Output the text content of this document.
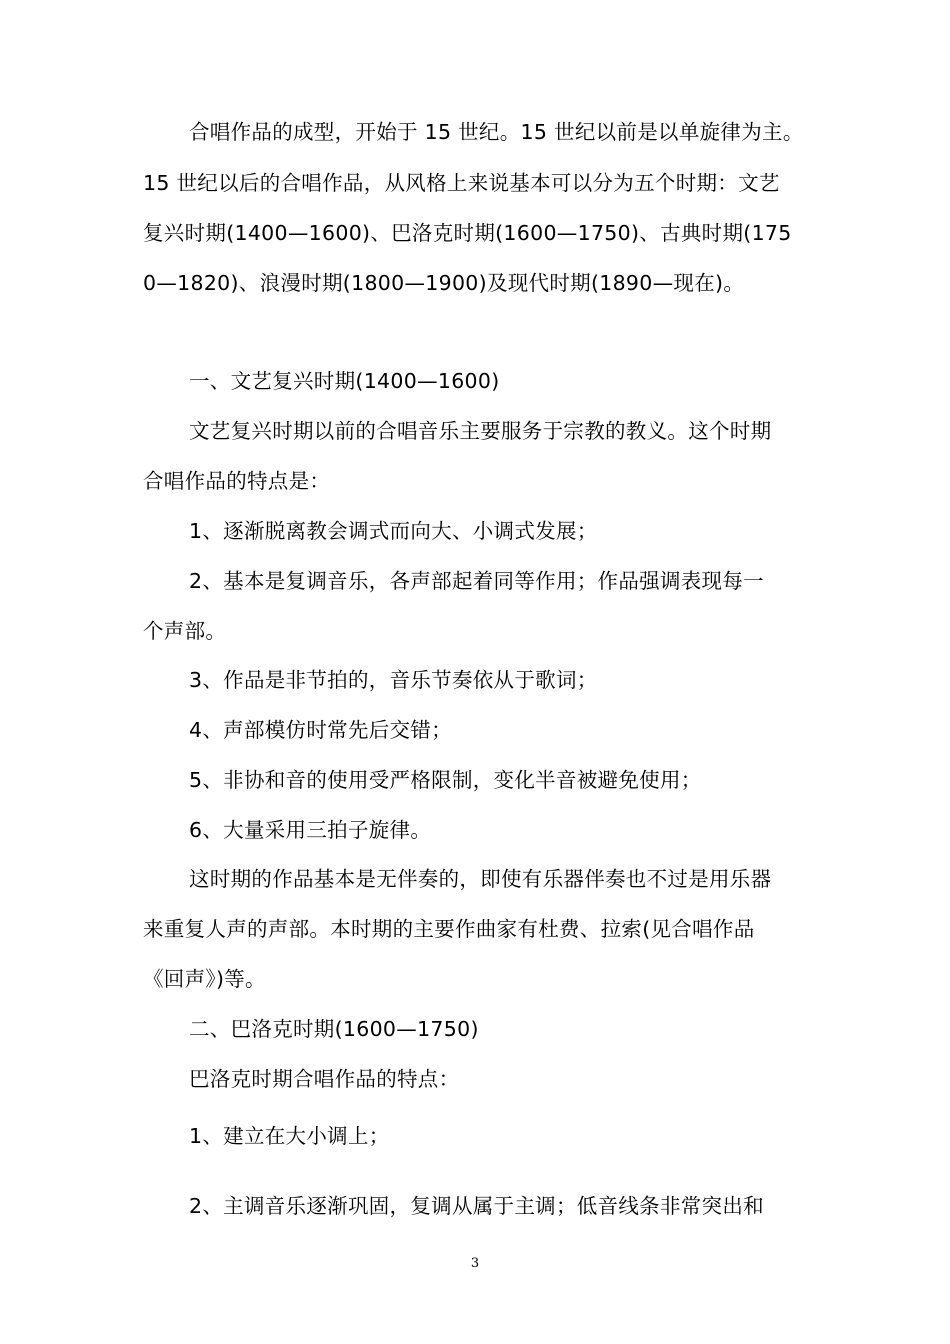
合唱作品的成型，开始于 15 世纪。15 世纪以前是以单旋律为主。
15 世纪以后的合唱作品，从风格上来说基本可以分为五个时期：文艺
复兴时期(1400—1600)、巴洛克时期(1600—1750)、古典时期(175
0—1820)、浪漫时期(1800—1900)及现代时期(1890—现在)。
一、文艺复兴时期(1400—1600)
文艺复兴时期以前的合唱音乐主要服务于宗教的教义。这个时期
合唱作品的特点是：
1、逐渐脱离教会调式而向大、小调式发展；
2、基本是复调音乐，各声部起着同等作用；作品强调表现每一
个声部。
3、作品是非节拍的，音乐节奏依从于歌词；
4、声部模仿时常先后交错；
5、非协和音的使用受严格限制，变化半音被避免使用；
6、大量采用三拍子旋律。
这时期的作品基本是无伴奏的，即使有乐器伴奏也不过是用乐器
来重复人声的声部。本时期的主要作曲家有杜费、拉索(见合唱作品
《回声》)等。
二、巴洛克时期(1600—1750)
巴洛克时期合唱作品的特点：
1、建立在大小调上；
2、主调音乐逐渐巩固，复调从属于主调；低音线条非常突出和
3
